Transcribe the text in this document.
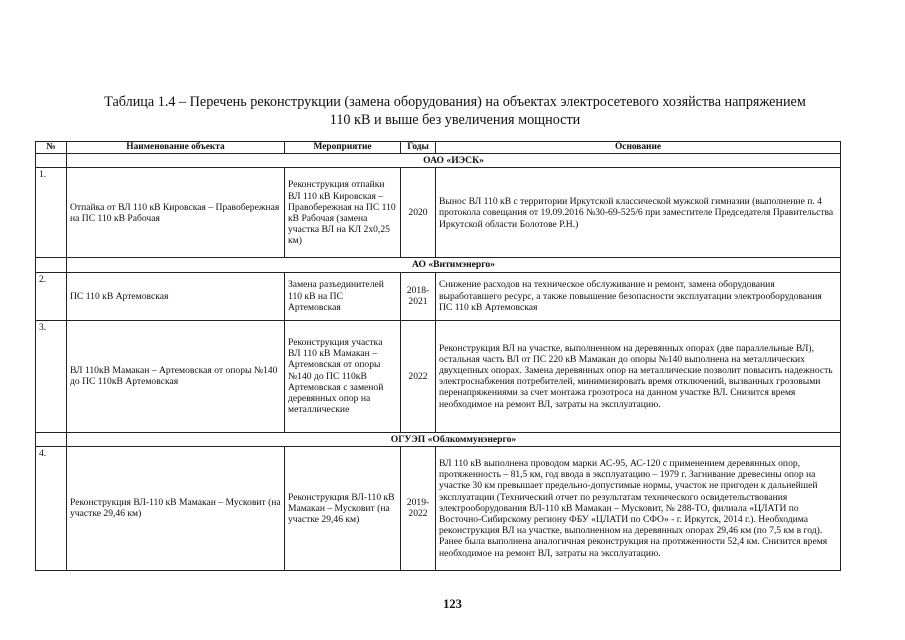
Таблица 1.4 – Перечень реконструкции (замена оборудования) на объектах электросетевого хозяйства напряжением
110 кВ и выше без увеличения мощности
№	Наименование объекта	Мероприятие	Годы	Основание
	ОАО «ИЭСК»			
1.	Отпайка от ВЛ 110 кВ Кировская – Правобережная на ПС 110 кВ Рабочая	Реконструкция отпайки ВЛ 110 кВ Кировская – Правобережная на ПС 110 кВ Рабочая (замена участка ВЛ на КЛ 2х0,25 км)	2020	Вынос ВЛ 110 кВ с территории Иркутской классической мужской гимназии (выполнение п. 4 протокола совещания от 19.09.2016 №30-69-525/6 при заместителе Председателя Правительства Иркутской области Болотове Р.Н.)
	АО «Витимэнерго»			
2.	ПС 110 кВ Артемовская	Замена разъединителей 110 кВ на ПС Артемовская	2018-2021	Снижение расходов на техническое обслуживание и ремонт, замена оборудования выработавшего ресурс, а также повышение безопасности эксплуатации электрооборудования ПС 110 кВ Артемовская
3.	ВЛ 110кВ Мамакан – Артемовская от опоры №140 до ПС 110кВ Артемовская	Реконструкция участка ВЛ 110 кВ Мамакан – Артемовская от опоры №140 до ПС 110кВ Артемовская с заменой деревянных опор на металлические	2022	Реконструкция ВЛ на участке, выполненном на деревянных опорах (две параллельные ВЛ), остальная часть ВЛ от ПС 220 кВ Мамакан до опоры №140 выполнена на металлических двухцепных опорах. Замена деревянных опор на металлические позволит повысить надежность электроснабжения потребителей, минимизировать время отключений, вызванных грозовыми перенапряжениями за счет монтажа грозотроса на данном участке ВЛ. Снизится время необходимое на ремонт ВЛ, затраты на эксплуатацию.
	ОГУЭП «Облкоммунэнерго»			
4.	Реконструкция ВЛ-110 кВ Мамакан – Мусковит (на участке 29,46 км)	Реконструкция ВЛ-110 кВ Мамакан – Мусковит (на участке 29,46 км)	2019-2022	ВЛ 110 кВ выполнена проводом марки АС-95, АС-120 с применением деревянных опор, протяженность – 81,5 км, год ввода в эксплуатацию – 1979 г. Загнивание древесины опор на участке 30 км превышает предельно-допустимые нормы, участок не пригоден к дальнейшей эксплуатации (Технический отчет по результатам технического освидетельствования электрооборудования ВЛ-110 кВ Мамакан – Мусковит, № 288-ТО, филиала «ЦЛАТИ по Восточно-Сибирскому региону ФБУ «ЦЛАТИ по СФО» - г. Иркутск, 2014 г.). Необходима реконструкция ВЛ на участке, выполненном на деревянных опорах 29,46 км (по 7,5 км в год). Ранее была выполнена аналогичная реконструкция на протяженности 52,4 км. Снизится время необходимое на ремонт ВЛ, затраты на эксплуатацию.
123
